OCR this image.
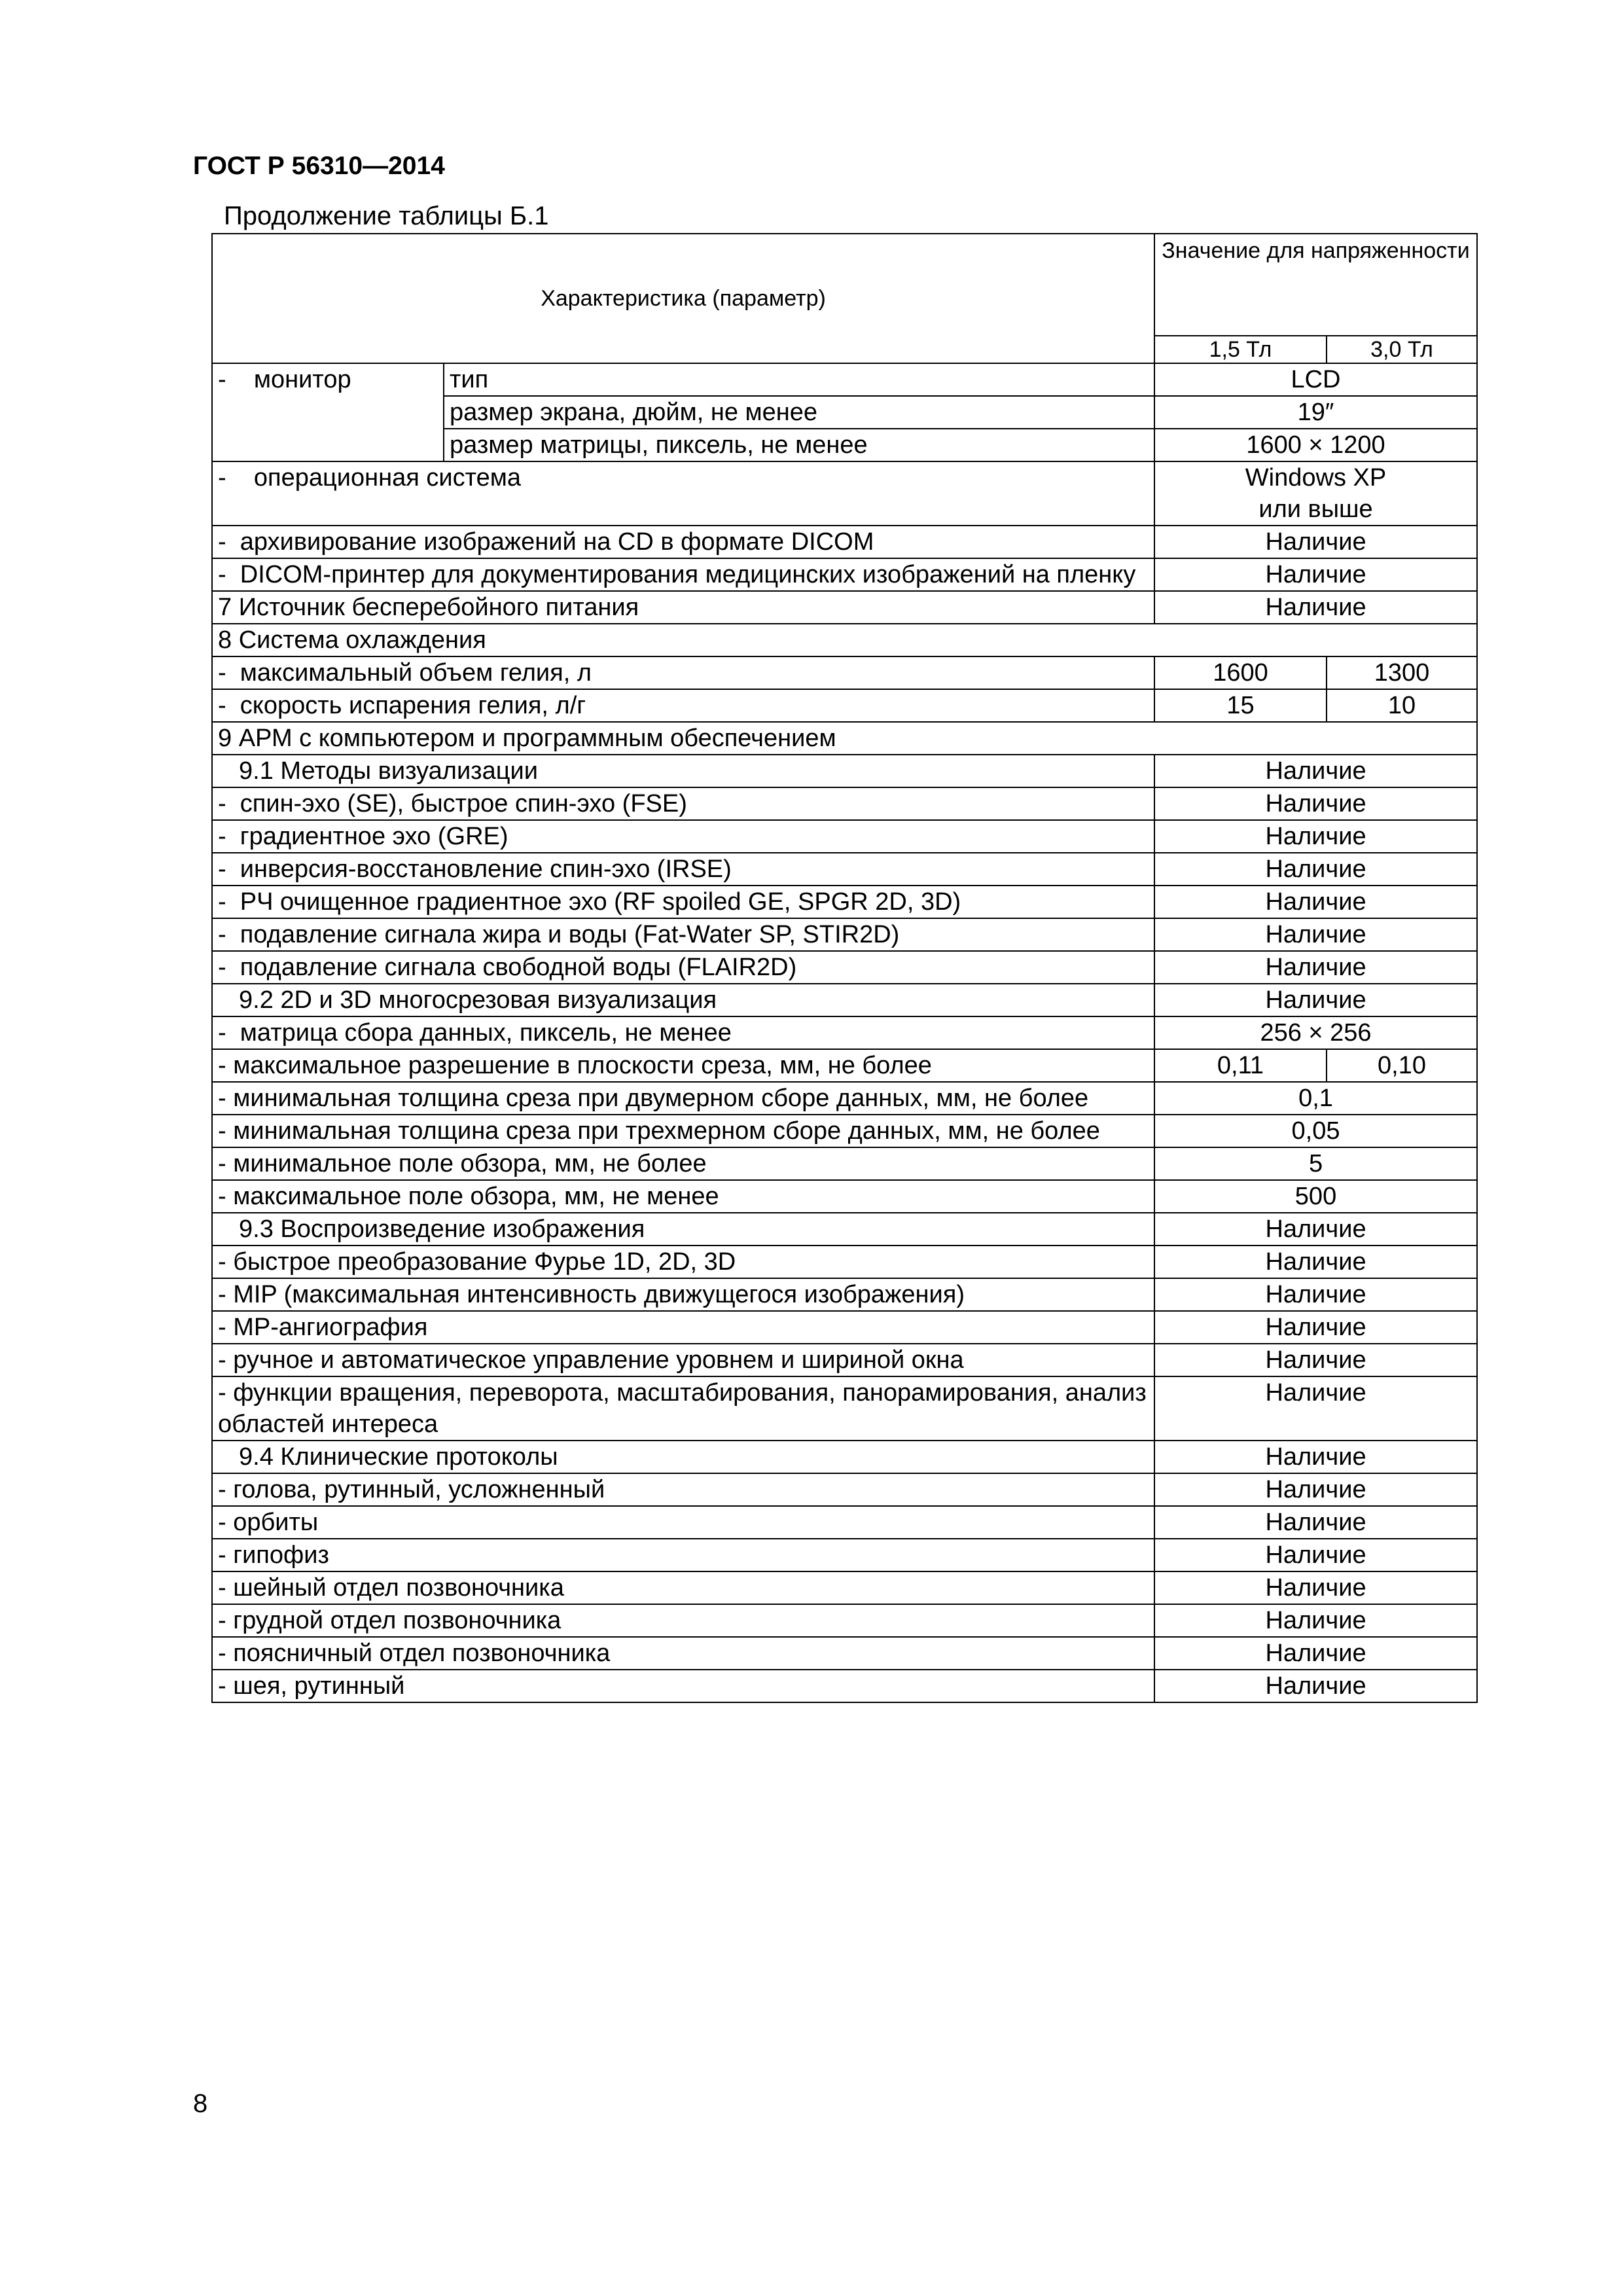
ГОСТ Р 56310—2014
Продолжение таблицы Б.1
Характеристика (параметр)		Значение для напряженности	
		1,5 Тл	3,0 Тл
-    монитор	тип	LCD	
	размер экрана, дюйм, не менее	19″	
	размер матрицы, пиксель, не менее	1600 × 1200	
-    операционная система		Windows XP
или выше	
-  архивирование изображений на CD в формате DICOM		Наличие	
-  DICOM-принтер для документирования медицинских изображений на пленку		Наличие	
7 Источник бесперебойного питания		Наличие	
8 Система охлаждения			
-  максимальный объем гелия, л		1600	1300
-  скорость испарения гелия, л/г		15	10
9 АРМ с компьютером и программным обеспечением			
9.1 Методы визуализации		Наличие	
-  спин-эхо (SE), быстрое спин-эхо (FSE)		Наличие	
-  градиентное эхо (GRE)		Наличие	
-  инверсия-восстановление спин-эхо (IRSE)		Наличие	
-  РЧ очищенное градиентное эхо (RF spoiled GE, SPGR 2D, 3D)		Наличие	
-  подавление сигнала жира и воды (Fat-Water SP, STIR2D)		Наличие	
-  подавление сигнала свободной воды (FLAIR2D)		Наличие	
9.2 2D и 3D многосрезовая визуализация		Наличие	
-  матрица сбора данных, пиксель, не менее		256 × 256	
- максимальное разрешение в плоскости среза, мм, не более		0,11	0,10
- минимальная толщина среза при двумерном сборе данных, мм, не более		0,1	
- минимальная толщина среза при трехмерном сборе данных, мм, не более		0,05	
- минимальное поле обзора, мм, не более		5	
- максимальное поле обзора, мм, не менее		500	
9.3 Воспроизведение изображения		Наличие	
- быстрое преобразование Фурье 1D, 2D, 3D		Наличие	
- MIP (максимальная интенсивность движущегося изображения)		Наличие	
- МР-ангиография		Наличие	
- ручное и автоматическое управление уровнем и шириной окна		Наличие	
- функции вращения, переворота, масштабирования, панорамирования, анализ областей интереса		Наличие	
9.4 Клинические протоколы		Наличие	
- голова, рутинный, усложненный		Наличие	
- орбиты		Наличие	
- гипофиз		Наличие	
- шейный отдел позвоночника		Наличие	
- грудной отдел позвоночника		Наличие	
- поясничный отдел позвоночника		Наличие	
- шея, рутинный		Наличие	
8
